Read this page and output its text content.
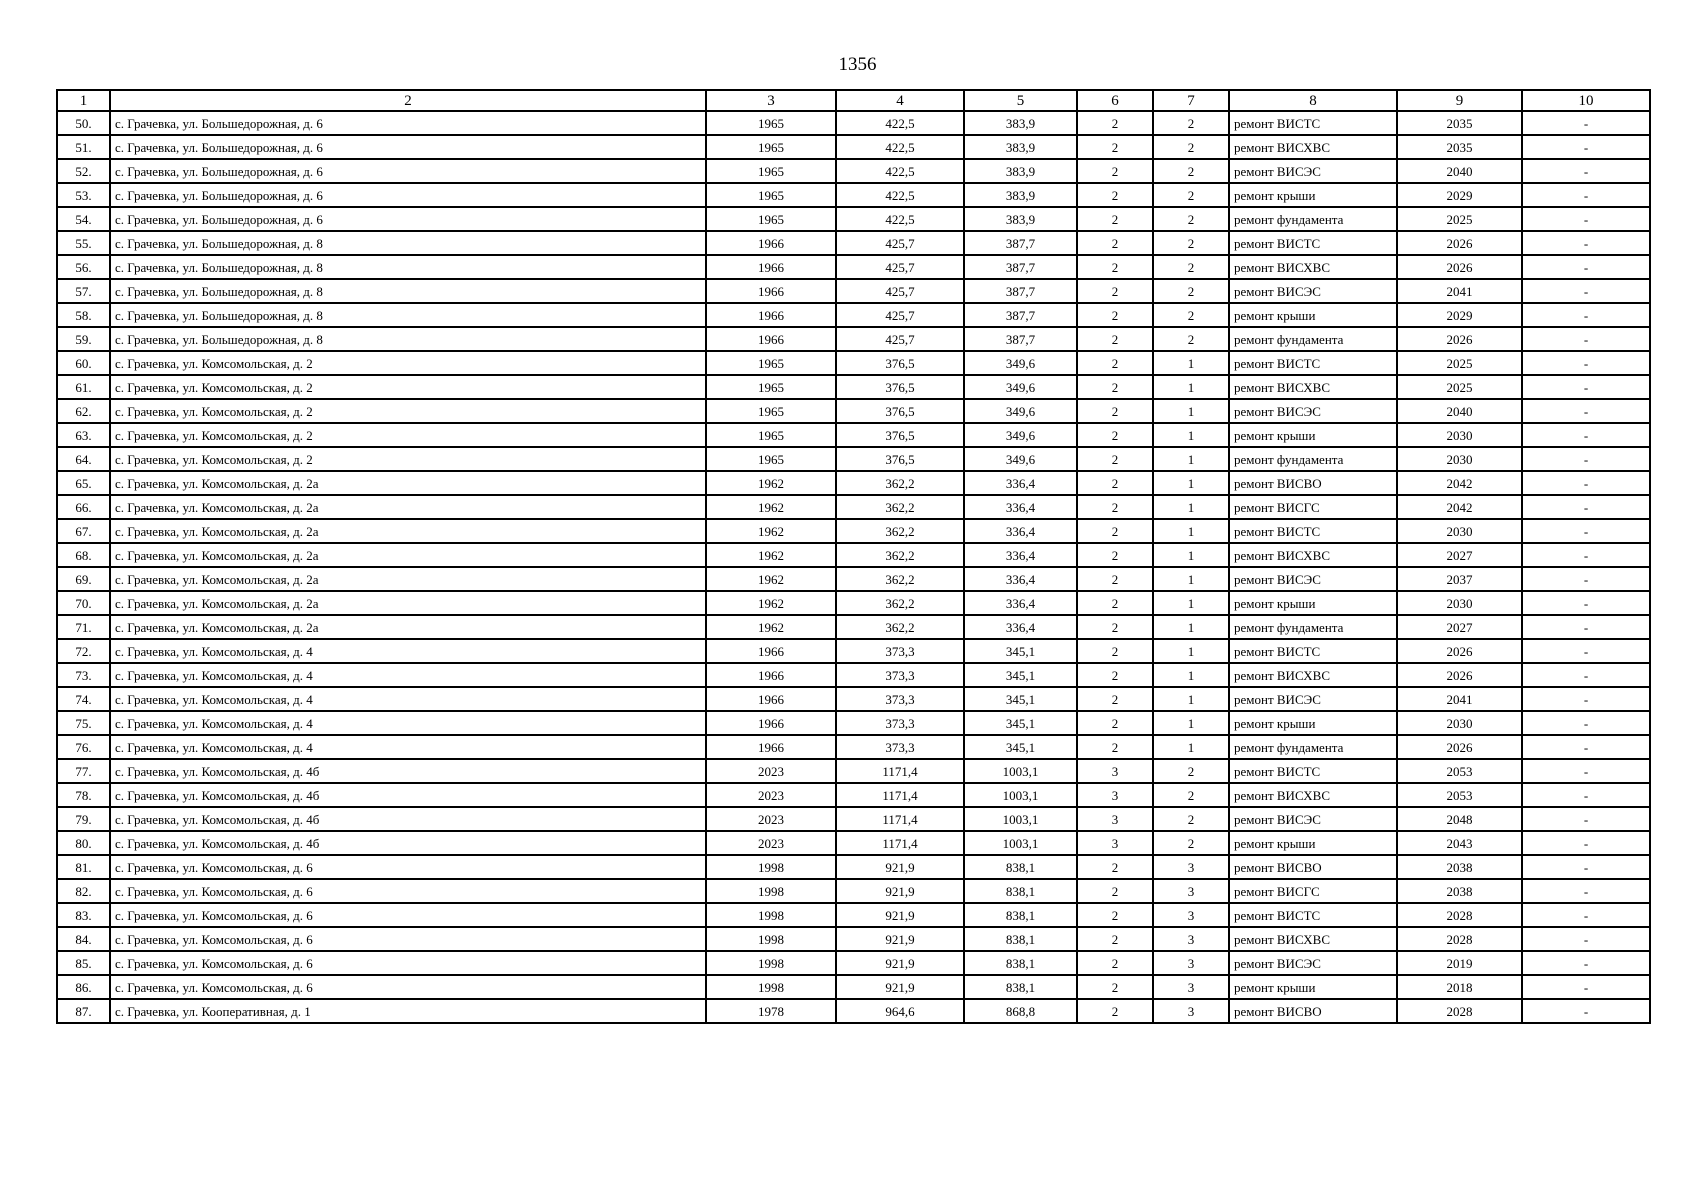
1356
1	2	3	4	5	6	7	8	9	10
50.	с. Грачевка, ул. Большедорожная, д. 6	1965	422,5	383,9	2	2	ремонт ВИСТС	2035	-
51.	с. Грачевка, ул. Большедорожная, д. 6	1965	422,5	383,9	2	2	ремонт ВИСХВС	2035	-
52.	с. Грачевка, ул. Большедорожная, д. 6	1965	422,5	383,9	2	2	ремонт ВИСЭС	2040	-
53.	с. Грачевка, ул. Большедорожная, д. 6	1965	422,5	383,9	2	2	ремонт крыши	2029	-
54.	с. Грачевка, ул. Большедорожная, д. 6	1965	422,5	383,9	2	2	ремонт фундамента	2025	-
55.	с. Грачевка, ул. Большедорожная, д. 8	1966	425,7	387,7	2	2	ремонт ВИСТС	2026	-
56.	с. Грачевка, ул. Большедорожная, д. 8	1966	425,7	387,7	2	2	ремонт ВИСХВС	2026	-
57.	с. Грачевка, ул. Большедорожная, д. 8	1966	425,7	387,7	2	2	ремонт ВИСЭС	2041	-
58.	с. Грачевка, ул. Большедорожная, д. 8	1966	425,7	387,7	2	2	ремонт крыши	2029	-
59.	с. Грачевка, ул. Большедорожная, д. 8	1966	425,7	387,7	2	2	ремонт фундамента	2026	-
60.	с. Грачевка, ул. Комсомольская, д. 2	1965	376,5	349,6	2	1	ремонт ВИСТС	2025	-
61.	с. Грачевка, ул. Комсомольская, д. 2	1965	376,5	349,6	2	1	ремонт ВИСХВС	2025	-
62.	с. Грачевка, ул. Комсомольская, д. 2	1965	376,5	349,6	2	1	ремонт ВИСЭС	2040	-
63.	с. Грачевка, ул. Комсомольская, д. 2	1965	376,5	349,6	2	1	ремонт крыши	2030	-
64.	с. Грачевка, ул. Комсомольская, д. 2	1965	376,5	349,6	2	1	ремонт фундамента	2030	-
65.	с. Грачевка, ул. Комсомольская, д. 2а	1962	362,2	336,4	2	1	ремонт ВИСВО	2042	-
66.	с. Грачевка, ул. Комсомольская, д. 2а	1962	362,2	336,4	2	1	ремонт ВИСГС	2042	-
67.	с. Грачевка, ул. Комсомольская, д. 2а	1962	362,2	336,4	2	1	ремонт ВИСТС	2030	-
68.	с. Грачевка, ул. Комсомольская, д. 2а	1962	362,2	336,4	2	1	ремонт ВИСХВС	2027	-
69.	с. Грачевка, ул. Комсомольская, д. 2а	1962	362,2	336,4	2	1	ремонт ВИСЭС	2037	-
70.	с. Грачевка, ул. Комсомольская, д. 2а	1962	362,2	336,4	2	1	ремонт крыши	2030	-
71.	с. Грачевка, ул. Комсомольская, д. 2а	1962	362,2	336,4	2	1	ремонт фундамента	2027	-
72.	с. Грачевка, ул. Комсомольская, д. 4	1966	373,3	345,1	2	1	ремонт ВИСТС	2026	-
73.	с. Грачевка, ул. Комсомольская, д. 4	1966	373,3	345,1	2	1	ремонт ВИСХВС	2026	-
74.	с. Грачевка, ул. Комсомольская, д. 4	1966	373,3	345,1	2	1	ремонт ВИСЭС	2041	-
75.	с. Грачевка, ул. Комсомольская, д. 4	1966	373,3	345,1	2	1	ремонт крыши	2030	-
76.	с. Грачевка, ул. Комсомольская, д. 4	1966	373,3	345,1	2	1	ремонт фундамента	2026	-
77.	с. Грачевка, ул. Комсомольская, д. 4б	2023	1171,4	1003,1	3	2	ремонт ВИСТС	2053	-
78.	с. Грачевка, ул. Комсомольская, д. 4б	2023	1171,4	1003,1	3	2	ремонт ВИСХВС	2053	-
79.	с. Грачевка, ул. Комсомольская, д. 4б	2023	1171,4	1003,1	3	2	ремонт ВИСЭС	2048	-
80.	с. Грачевка, ул. Комсомольская, д. 4б	2023	1171,4	1003,1	3	2	ремонт крыши	2043	-
81.	с. Грачевка, ул. Комсомольская, д. 6	1998	921,9	838,1	2	3	ремонт ВИСВО	2038	-
82.	с. Грачевка, ул. Комсомольская, д. 6	1998	921,9	838,1	2	3	ремонт ВИСГС	2038	-
83.	с. Грачевка, ул. Комсомольская, д. 6	1998	921,9	838,1	2	3	ремонт ВИСТС	2028	-
84.	с. Грачевка, ул. Комсомольская, д. 6	1998	921,9	838,1	2	3	ремонт ВИСХВС	2028	-
85.	с. Грачевка, ул. Комсомольская, д. 6	1998	921,9	838,1	2	3	ремонт ВИСЭС	2019	-
86.	с. Грачевка, ул. Комсомольская, д. 6	1998	921,9	838,1	2	3	ремонт крыши	2018	-
87.	с. Грачевка, ул. Кооперативная, д. 1	1978	964,6	868,8	2	3	ремонт ВИСВО	2028	-
